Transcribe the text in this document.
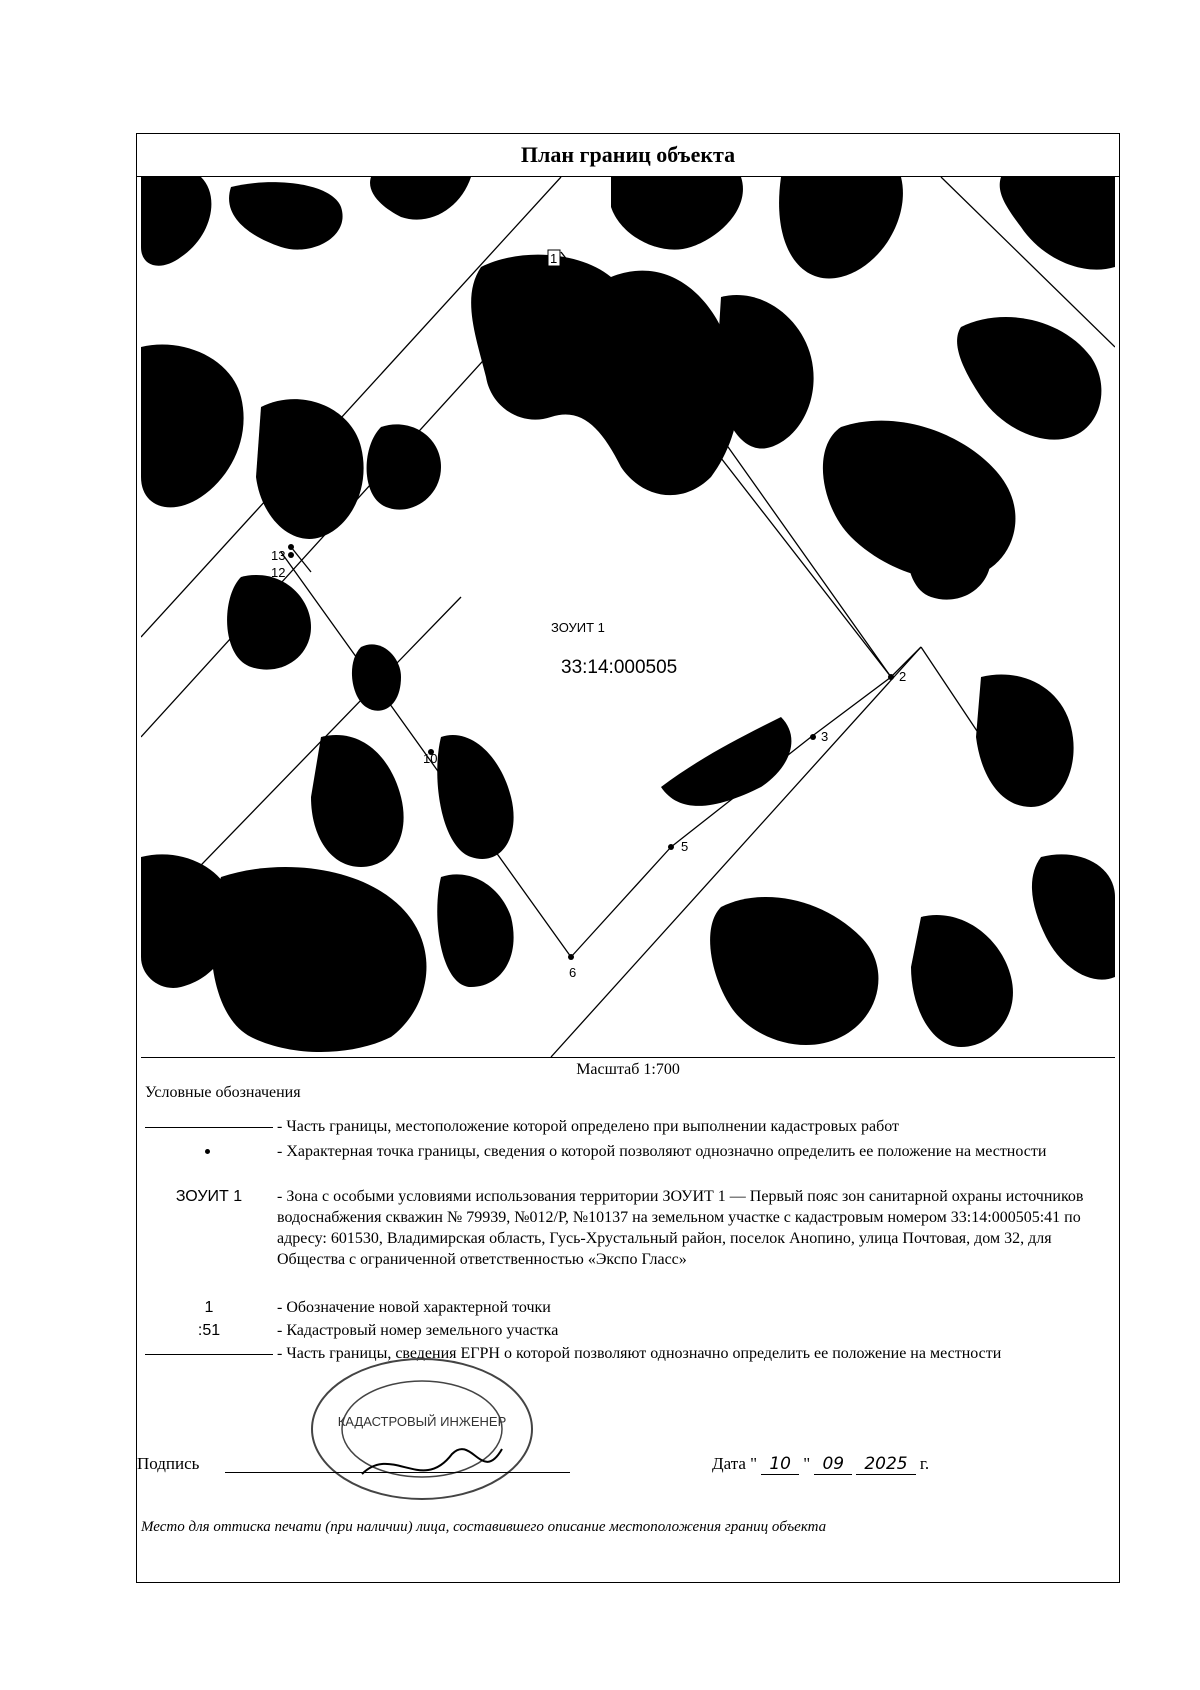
План границ объекта
1
2
3
5
6
7
8
9
10
11
12
13
ЗОУИТ 1
33:14:000505
Масштаб 1:700
Условные обозначения
- Часть границы, местоположение которой определено при выполнении кадастровых работ
- Характерная точка границы, сведения о которой позволяют однозначно определить ее положение на местности
ЗОУИТ 1	- Зона с особыми условиями использования территории ЗОУИТ 1 — Первый пояс зон санитарной охраны источников водоснабжения скважин № 79939, №012/Р, №10137 на земельном участке с кадастровым номером 33:14:000505:41 по адресу: 601530, Владимирская область, Гусь-Хрустальный район, поселок Анопино, улица Почтовая, дом 32, для Общества с ограниченной ответственностью «Экспо Гласс»
1	- Обозначение новой характерной точки
:51	- Кадастровый номер земельного участка
- Часть границы, сведения ЕГРН о которой позволяют однозначно определить ее положение на местности
КАДАСТРОВЫЙ ИНЖЕНЕР
Подпись	Дата " 10 " 09 2025 г.
Место для оттиска печати (при наличии) лица, составившего описание местоположения границ объекта
